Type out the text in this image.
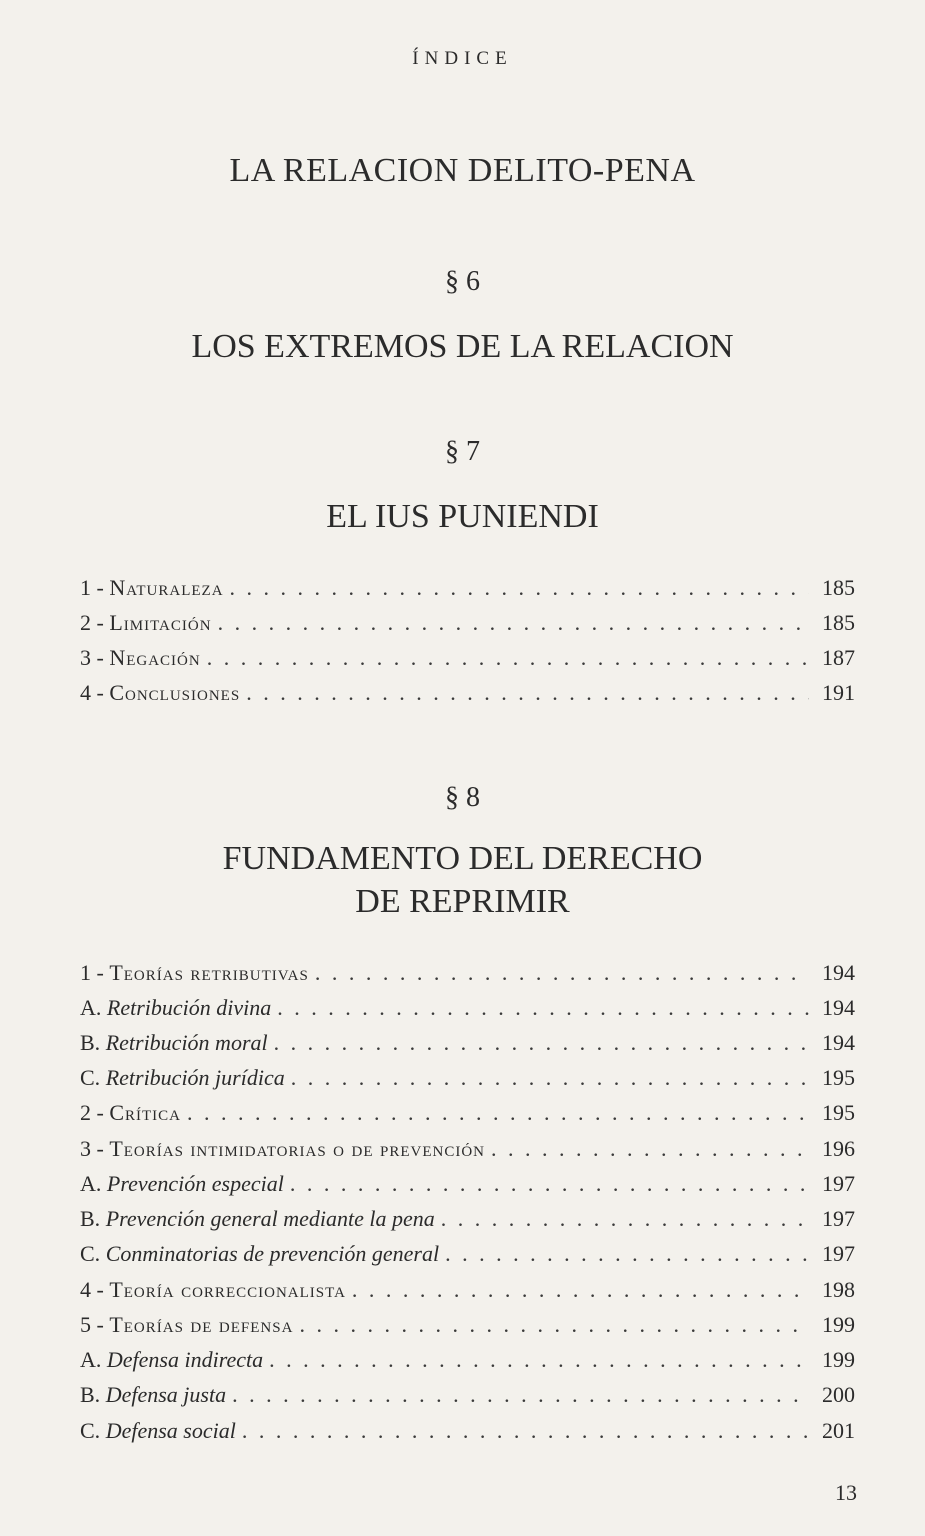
ÍNDICE
LA RELACION DELITO-PENA
§ 6
LOS EXTREMOS DE LA RELACION
§ 7
EL IUS PUNIENDI
1 - Naturaleza . . .	185
2 - Limitación . . .	185
3 - Negación . . .	187
4 - Conclusiones . . .	191
§ 8
FUNDAMENTO DEL DERECHO
DE REPRIMIR
1 - Teorías retributivas . . .	194
A. Retribución divina . . .	194
B. Retribución moral . . .	194
C. Retribución jurídica . . .	195
2 - Crítica . . .	195
3 - Teorías intimidatorias o de prevención . . .	196
A. Prevención especial . . .	197
B. Prevención general mediante la pena . . .	197
C. Conminatorias de prevención general . . .	197
4 - Teoría correccionalista . . .	198
5 - Teorías de defensa . . .	199
A. Defensa indirecta . . .	199
B. Defensa justa . . .	200
C. Defensa social . . .	201
13
